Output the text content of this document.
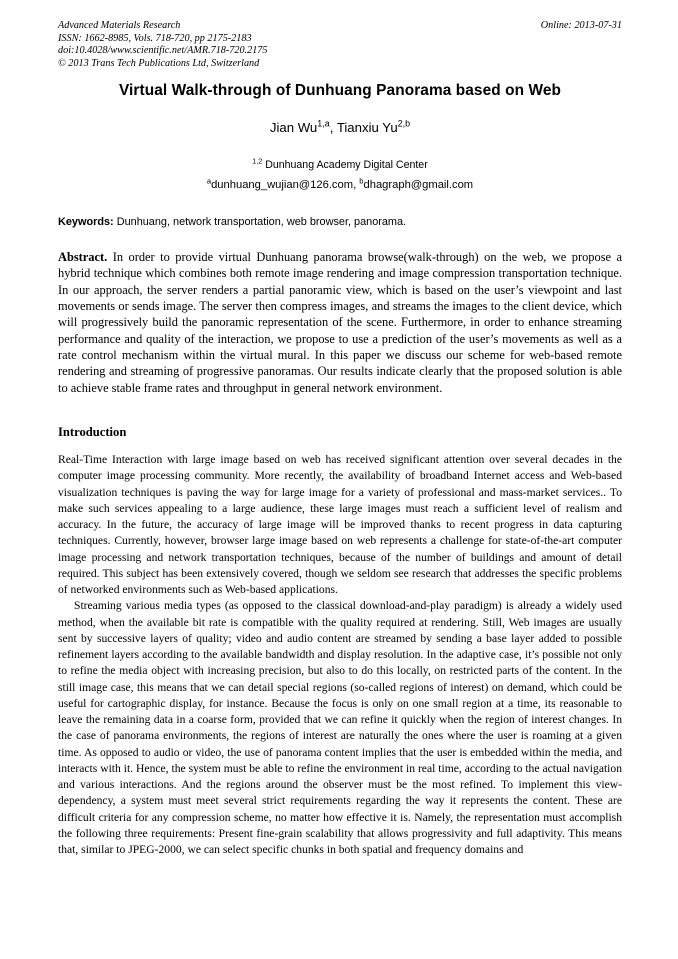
Advanced Materials Research
ISSN: 1662-8985, Vols. 718-720, pp 2175-2183
doi:10.4028/www.scientific.net/AMR.718-720.2175
© 2013 Trans Tech Publications Ltd, Switzerland
Online: 2013-07-31
Virtual Walk-through of Dunhuang Panorama based on Web
Jian Wu$^{1,a}$, Tianxiu Yu$^{2,b}$
$^{1,2}$ Dunhuang Academy Digital Center
$^a$dunhuang_wujian@126.com, $^b$dhagraph@gmail.com
Keywords: Dunhuang, network transportation, web browser, panorama.
Abstract. In order to provide virtual Dunhuang panorama browse(walk-through) on the web, we propose a hybrid technique which combines both remote image rendering and image compression transportation technique. In our approach, the server renders a partial panoramic view, which is based on the user’s viewpoint and last movements or sends image. The server then compress images, and streams the images to the client device, which will progressively build the panoramic representation of the scene. Furthermore, in order to enhance streaming performance and quality of the interaction, we propose to use a prediction of the user’s movements as well as a rate control mechanism within the virtual mural. In this paper we discuss our scheme for web-based remote rendering and streaming of progressive panoramas. Our results indicate clearly that the proposed solution is able to achieve stable frame rates and throughput in general network environment.
Introduction

Real-Time Interaction with large image based on web has received significant attention over several decades in the computer image processing community. More recently, the availability of broadband Internet access and Web-based visualization techniques is paving the way for large image for a variety of professional and mass-market services.. To make such services appealing to a large audience, these large images must reach a sufficient level of realism and accuracy. In the future, the accuracy of large image will be improved thanks to recent progress in data capturing techniques. Currently, however, browser large image based on web represents a challenge for state-of-the-art computer image processing and network transportation techniques, because of the number of buildings and amount of detail required. This subject has been extensively covered, though we seldom see research that addresses the specific problems of networked environments such as Web-based applications.

Streaming various media types (as opposed to the classical download-and-play paradigm) is already a widely used method, when the available bit rate is compatible with the quality required at rendering. Still, Web images are usually sent by successive layers of quality; video and audio content are streamed by sending a base layer added to possible refinement layers according to the available bandwidth and display resolution. In the adaptive case, it’s possible not only to refine the media object with increasing precision, but also to do this locally, on restricted parts of the content. In the still image case, this means that we can detail special regions (so-called regions of interest) on demand, which could be useful for cartographic display, for instance. Because the focus is only on one small region at a time, its reasonable to leave the remaining data in a coarse form, provided that we can refine it quickly when the region of interest changes. In the case of panorama environments, the regions of interest are naturally the ones where the user is roaming at a given time. As opposed to audio or video, the use of panorama content implies that the user is embedded within the media, and interacts with it. Hence, the system must be able to refine the environment in real time, according to the actual navigation and various interactions. And the regions around the observer must be the most refined. To implement this view-dependency, a system must meet several strict requirements regarding the way it represents the content. These are difficult criteria for any compression scheme, no matter how effective it is. Namely, the representation must accomplish the following three requirements: Present fine-grain scalability that allows progressivity and full adaptivity. This means that, similar to JPEG-2000, we can select specific chunks in both spatial and frequency domains and
